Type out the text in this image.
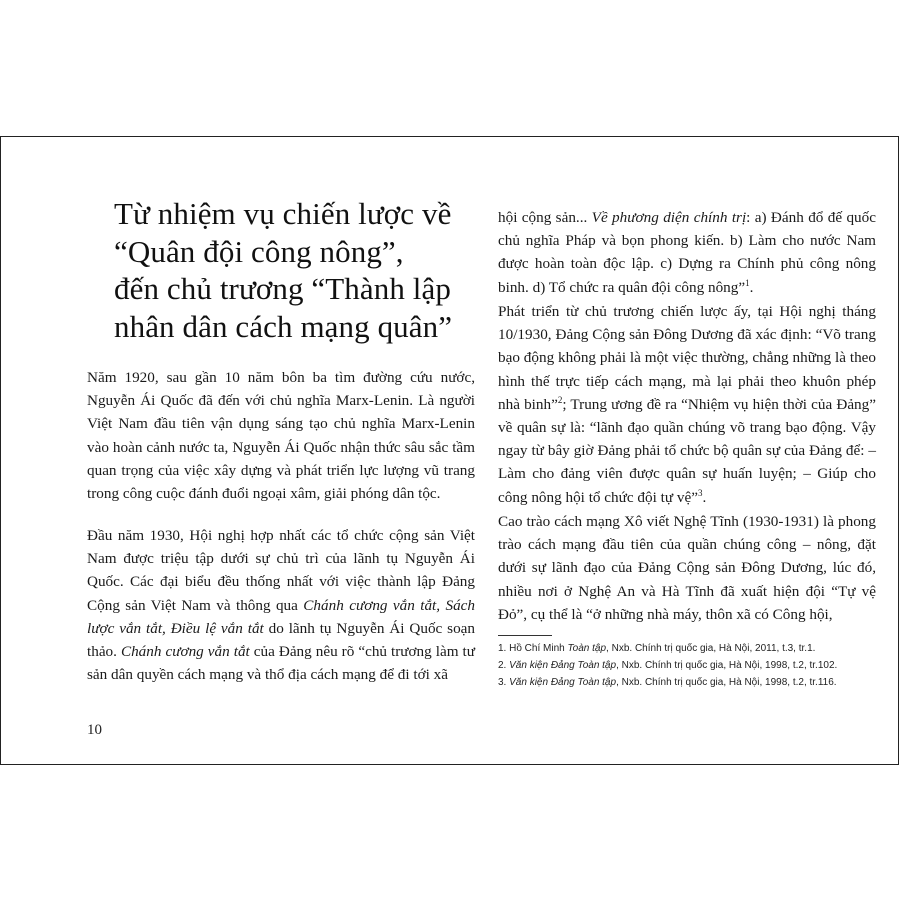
Từ nhiệm vụ chiến lược về
“Quân đội công nông”,
đến chủ trương “Thành lập
nhân dân cách mạng quân”

Năm 1920, sau gần 10 năm bôn ba tìm đường cứu nước, Nguyễn Ái Quốc đã đến với chủ nghĩa Marx-Lenin. Là người Việt Nam đầu tiên vận dụng sáng tạo chủ nghĩa Marx-Lenin vào hoàn cảnh nước ta, Nguyễn Ái Quốc nhận thức sâu sắc tầm quan trọng của việc xây dựng và phát triển lực lượng vũ trang trong công cuộc đánh đuổi ngoại xâm, giải phóng dân tộc.

Đầu năm 1930, Hội nghị hợp nhất các tổ chức cộng sản Việt Nam được triệu tập dưới sự chủ trì của lãnh tụ Nguyễn Ái Quốc. Các đại biểu đều thống nhất với việc thành lập Đảng Cộng sản Việt Nam và thông qua Chánh cương vắn tắt, Sách lược vắn tắt, Điều lệ vắn tắt do lãnh tụ Nguyễn Ái Quốc soạn thảo. Chánh cương vắn tắt của Đảng nêu rõ “chủ trương làm tư sản dân quyền cách mạng và thổ địa cách mạng để đi tới xã

hội cộng sản... Về phương diện chính trị: a) Đánh đổ đế quốc chủ nghĩa Pháp và bọn phong kiến. b) Làm cho nước Nam được hoàn toàn độc lập. c) Dựng ra Chính phủ công nông binh. d) Tổ chức ra quân đội công nông”$^1$.

Phát triển từ chủ trương chiến lược ấy, tại Hội nghị tháng 10/1930, Đảng Cộng sản Đông Dương đã xác định: “Võ trang bạo động không phải là một việc thường, chẳng những là theo hình thế trực tiếp cách mạng, mà lại phải theo khuôn phép nhà binh”$^2$; Trung ương đề ra “Nhiệm vụ hiện thời của Đảng” về quân sự là: “lãnh đạo quần chúng võ trang bạo động. Vậy ngay từ bây giờ Đảng phải tổ chức bộ quân sự của Đảng để: – Làm cho đảng viên được quân sự huấn luyện; – Giúp cho công nông hội tổ chức đội tự vệ”$^3$.

Cao trào cách mạng Xô viết Nghệ Tĩnh (1930-1931) là phong trào cách mạng đầu tiên của quần chúng công – nông, đặt dưới sự lãnh đạo của Đảng Cộng sản Đông Dương, lúc đó, nhiều nơi ở Nghệ An và Hà Tĩnh đã xuất hiện đội “Tự vệ Đỏ”, cụ thể là “ở những nhà máy, thôn xã có Công hội,

1. Hồ Chí Minh Toàn tập, Nxb. Chính trị quốc gia, Hà Nội, 2011, t.3, tr.1.
2. Văn kiện Đảng Toàn tập, Nxb. Chính trị quốc gia, Hà Nội, 1998, t.2, tr.102.
3. Văn kiện Đảng Toàn tập, Nxb. Chính trị quốc gia, Hà Nội, 1998, t.2, tr.116.
10
